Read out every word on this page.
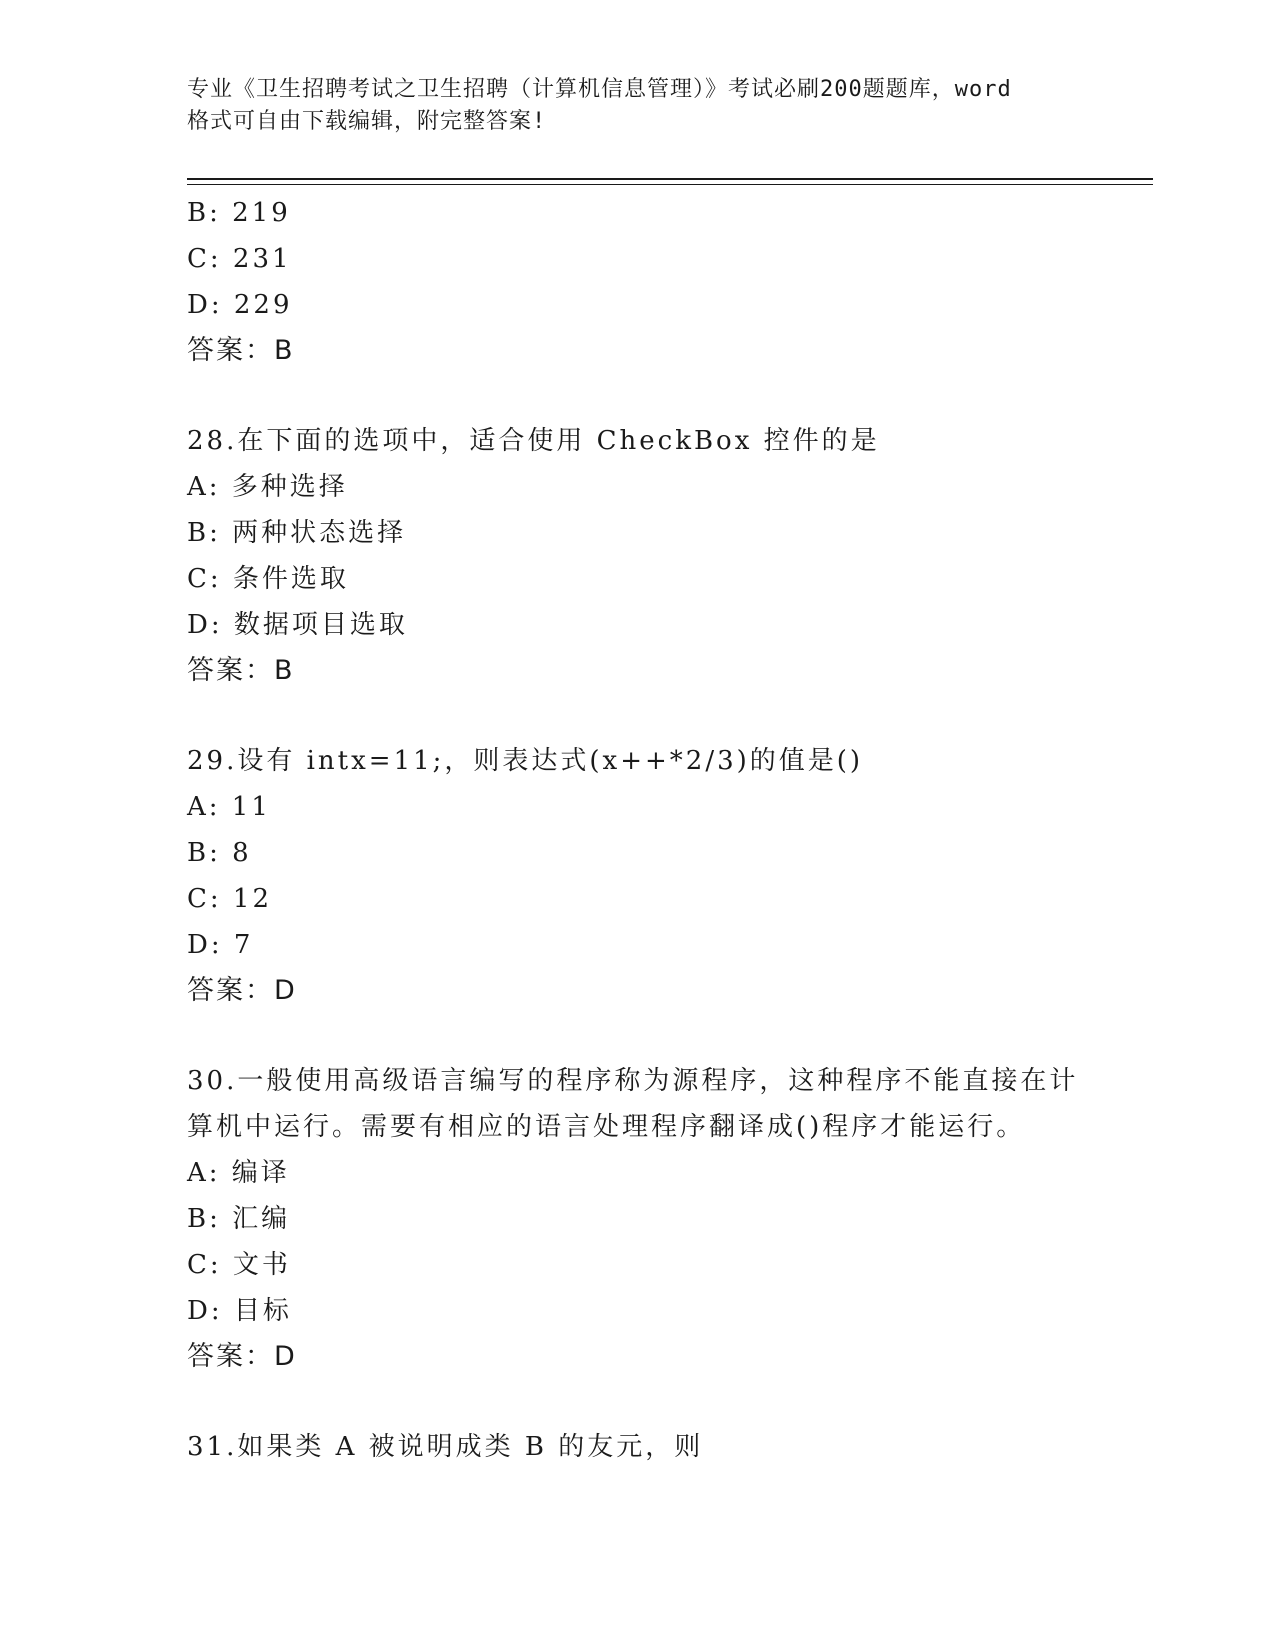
专业《卫生招聘考试之卫生招聘（计算机信息管理）》考试必刷200题题库，word
格式可自由下载编辑，附完整答案!
B: 219
C: 231
D: 229
答案：B
28.在下面的选项中，适合使用 CheckBox 控件的是
A: 多种选择
B: 两种状态选择
C: 条件选取
D: 数据项目选取
答案：B
29.设有 intx=11;，则表达式(x++*2/3)的值是()
A: 11
B: 8
C: 12
D: 7
答案：D
30.一般使用高级语言编写的程序称为源程序，这种程序不能直接在计
算机中运行。需要有相应的语言处理程序翻译成()程序才能运行。
A: 编译
B: 汇编
C: 文书
D: 目标
答案：D
31.如果类 A 被说明成类 B 的友元，则
